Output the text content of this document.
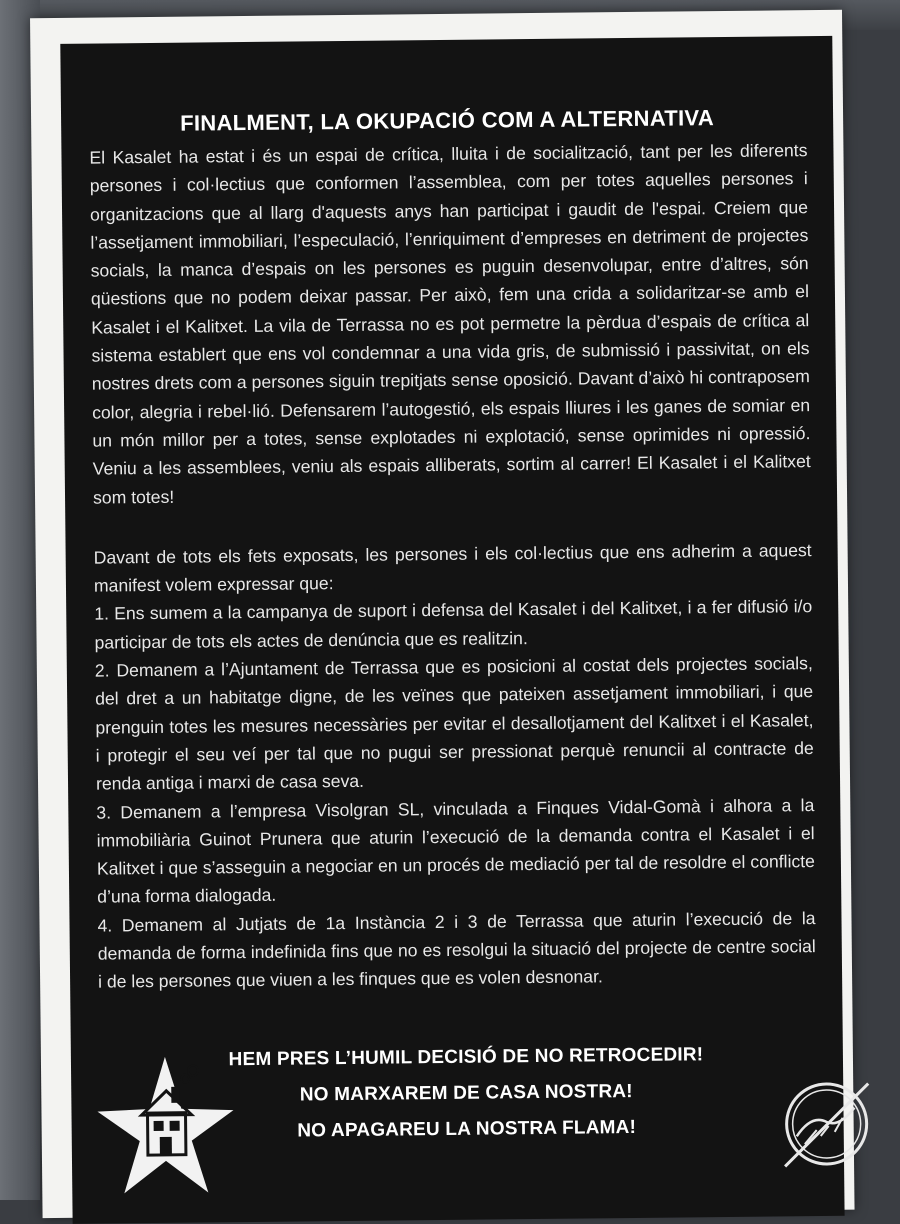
FINALMENT, LA OKUPACIÓ COM A ALTERNATIVA

El Kasalet ha estat i és un espai de crítica, lluita i de socialització, tant per les diferents persones i col·lectius que conformen l’assemblea, com per totes aquelles persones i organitzacions que al llarg d'aquests anys han participat i gaudit de l'espai. Creiem que l’assetjament immobiliari, l’especulació, l’enriquiment d’empreses en detriment de projectes socials, la manca d’espais on les persones es puguin desenvolupar, entre d’altres, són qüestions que no podem deixar passar. Per això, fem una crida a solidaritzar-se amb el Kasalet i el Kalitxet. La vila de Terrassa no es pot permetre la pèrdua d’espais de crítica al sistema establert que ens vol condemnar a una vida gris, de submissió i passivitat, on els nostres drets com a persones siguin trepitjats sense oposició. Davant d’això hi contraposem color, alegria i rebel·lió. Defensarem l’autogestió, els espais lliures i les ganes de somiar en un món millor per a totes, sense explotades ni explotació, sense oprimides ni opressió. Veniu a les assemblees, veniu als espais alliberats, sortim al carrer! El Kasalet i el Kalitxet som totes!

Davant de tots els fets exposats, les persones i els col·lectius que ens adherim a aquest manifest volem expressar que:

1. Ens sumem a la campanya de suport i defensa del Kasalet i del Kalitxet, i a fer difusió i/o participar de tots els actes de denúncia que es realitzin.

2. Demanem a l’Ajuntament de Terrassa que es posicioni al costat dels projectes socials, del dret a un habitatge digne, de les veïnes que pateixen assetjament immobiliari, i que prenguin totes les mesures necessàries per evitar el desallotjament del Kalitxet i el Kasalet, i protegir el seu veí per tal que no pugui ser pressionat perquè renuncii al contracte de renda antiga i marxi de casa seva.

3. Demanem a l’empresa Visolgran SL, vinculada a Finques Vidal-Gomà i alhora a la immobiliària Guinot Prunera que aturin l’execució de la demanda contra el Kasalet i el Kalitxet i que s’asseguin a negociar en un procés de mediació per tal de resoldre el conflicte d’una forma dialogada.

4. Demanem al Jutjats de 1a Instància 2 i 3 de Terrassa que aturin l’execució de la demanda de forma indefinida fins que no es resolgui la situació del projecte de centre social i de les persones que viuen a les finques que es volen desnonar.

HEM PRES L’HUMIL DECISIÓ DE NO RETROCEDIR!
NO MARXAREM DE CASA NOSTRA!
NO APAGAREU LA NOSTRA FLAMA!
